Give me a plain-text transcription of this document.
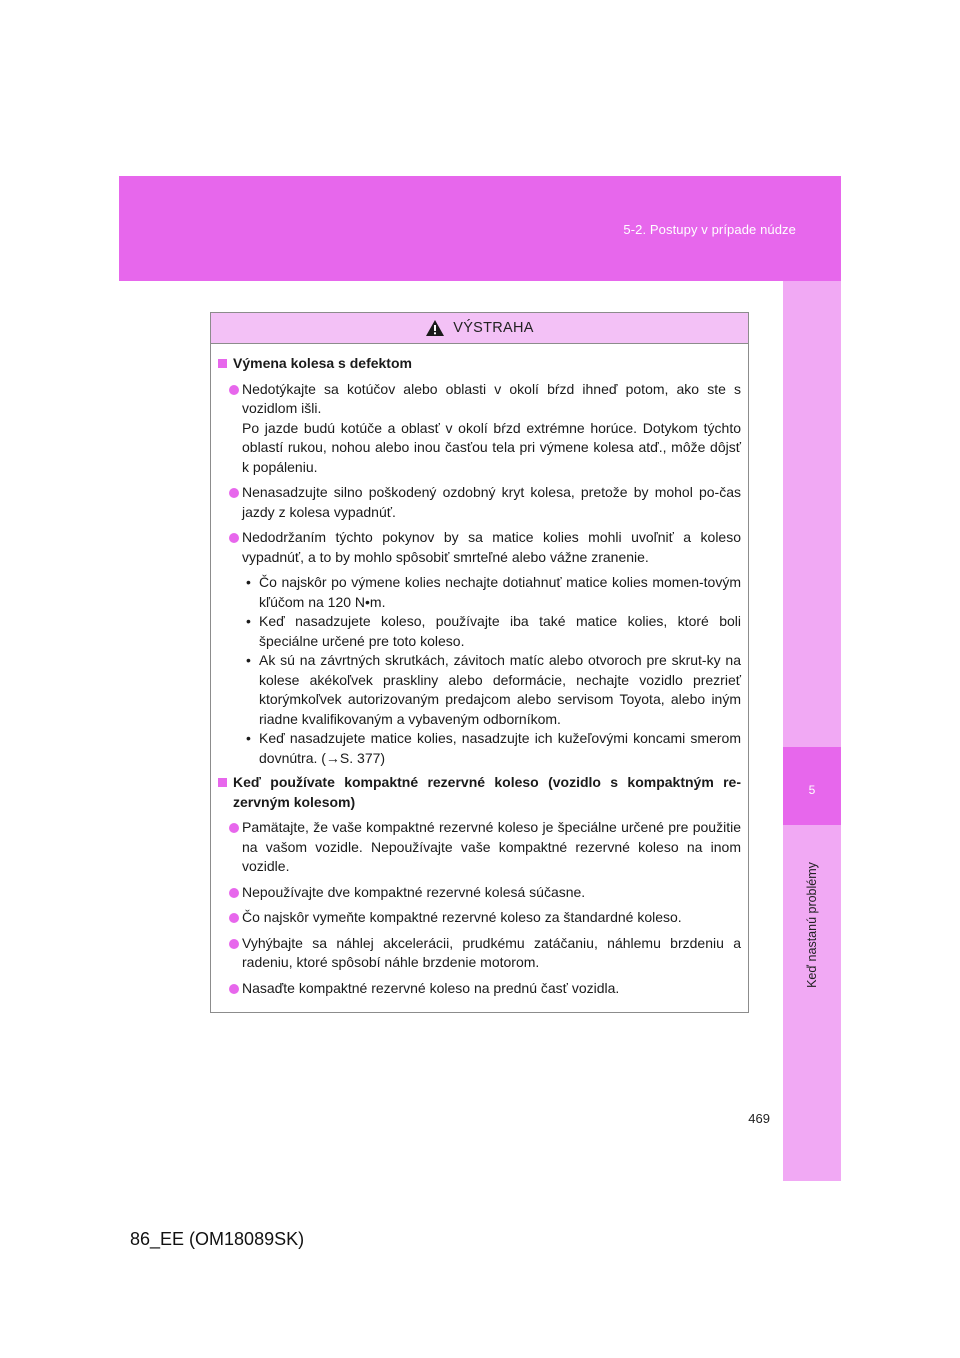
5-2. Postupy v prípade núdze
5
Keď nastanú problémy
VÝSTRAHA
Výmena kolesa s defektom
Nedotýkajte sa kotúčov alebo oblasti v okolí bŕzd ihneď potom, ako ste s vozidlom išli.
Po jazde budú kotúče a oblasť v okolí bŕzd extrémne horúce. Dotykom týchto oblastí rukou, nohou alebo inou časťou tela pri výmene kolesa atď., môže dôjsť k popáleniu.
Nenasadzujte silno poškodený ozdobný kryt kolesa, pretože by mohol po-čas jazdy z kolesa vypadnúť.
Nedodržaním týchto pokynov by sa matice kolies mohli uvoľniť a koleso vypadnúť, a to by mohlo spôsobiť smrteľné alebo vážne zranenie.
• Čo najskôr po výmene kolies nechajte dotiahnuť matice kolies momen-tovým kľúčom na 120 N•m.
• Keď nasadzujete koleso, používajte iba také matice kolies, ktoré boli špeciálne určené pre toto koleso.
• Ak sú na závrtných skrutkách, závitoch matíc alebo otvoroch pre skrut-ky na kolese akékoľvek praskliny alebo deformácie, nechajte vozidlo prezrieť ktorýmkoľvek autorizovaným predajcom alebo servisom Toyota, alebo iným riadne kvalifikovaným a vybaveným odborníkom.
• Keď nasadzujete matice kolies, nasadzujte ich kužeľovými koncami smerom dovnútra. (→S. 377)
Keď používate kompaktné rezervné koleso (vozidlo s kompaktným re-zervným kolesom)
Pamätajte, že vaše kompaktné rezervné koleso je špeciálne určené pre použitie na vašom vozidle. Nepoužívajte vaše kompaktné rezervné koleso na inom vozidle.
Nepoužívajte dve kompaktné rezervné kolesá súčasne.
Čo najskôr vymeňte kompaktné rezervné koleso za štandardné koleso.
Vyhýbajte sa náhlej akcelerácii, prudkému zatáčaniu, náhlemu brzdeniu a radeniu, ktoré spôsobí náhle brzdenie motorom.
Nasaďte kompaktné rezervné koleso na prednú časť vozidla.
469
86_EE (OM18089SK)
